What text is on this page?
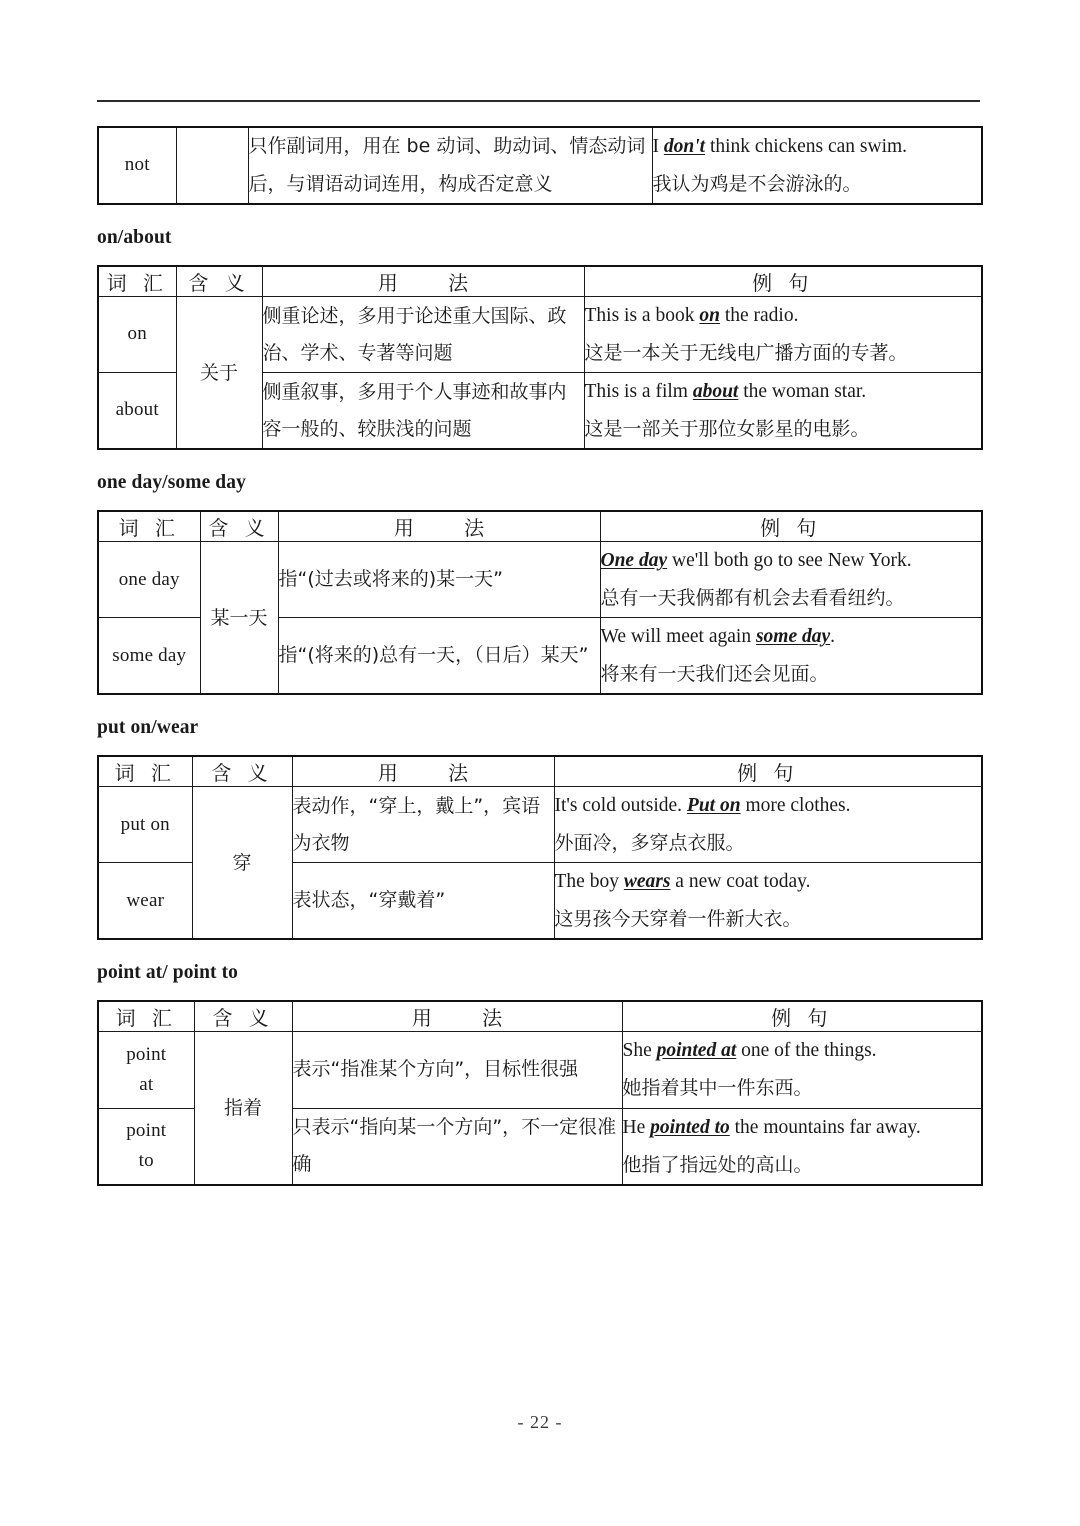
not		只作副词用，用在 be 动词、助动词、情态动词后，与谓语动词连用，构成否定意义	
I don't think chickens can swim.
我认为鸡是不会游泳的。
on/about
词 汇	含 义	用 法	例 句
on	关于	侧重论述，多用于论述重大国际、政治、学术、专著等问题	This is a book on the radio.
这是一本关于无线电广播方面的专著。

about		侧重叙事，多用于个人事迹和故事内容一般的、较肤浅的问题	This is a film about the woman star.
这是一部关于那位女影星的电影。
one day/some day
词 汇	含 义	用 法	例 句
one day	某一天	指“(过去或将来的)某一天”	One day we'll both go to see New York.
总有一天我俩都有机会去看看纽约。

some day		指“(将来的)总有一天，（日后）某天”	We will meet again some day.
将来有一天我们还会见面。
put on/wear
词 汇	含 义	用 法	例 句
put on	穿	表动作，“穿上，戴上”，宾语为衣物	It's cold outside. Put on more clothes.
外面冷，多穿点衣服。

wear		表状态，“穿戴着”	The boy wears a new coat today.
这男孩今天穿着一件新大衣。
point at/ point to
词 汇	含 义	用 法	例 句
point at	指着	表示“指准某个方向”，目标性很强	She pointed at one of the things.
她指着其中一件东西。

point to		只表示“指向某一个方向”，不一定很准确	He pointed to the mountains far away.
他指了指远处的高山。
- 22 -
